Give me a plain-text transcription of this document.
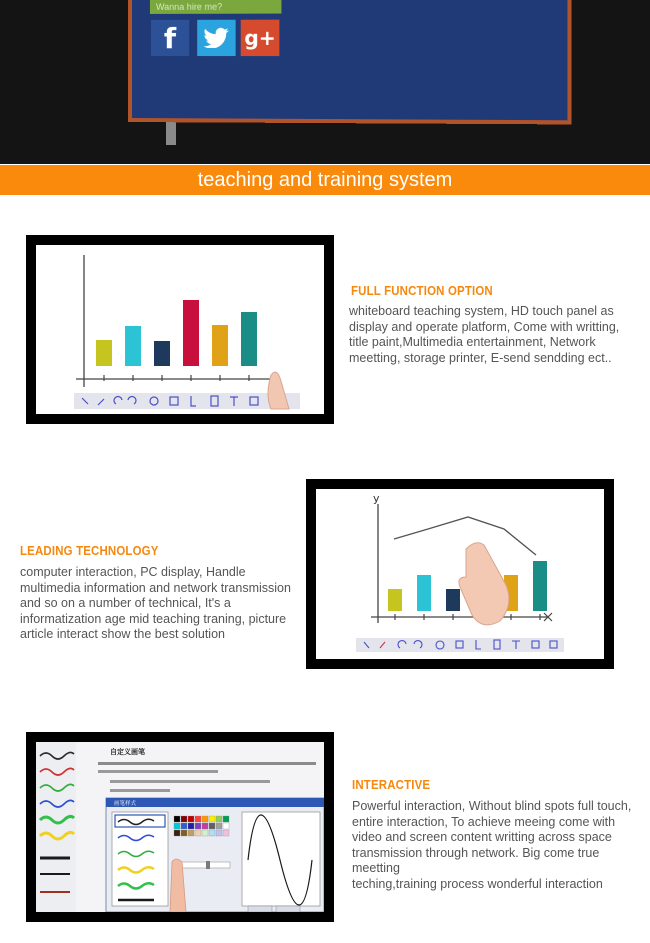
Wanna hire me?
f	g+
teaching and training system
FULL FUNCTION OPTION
whiteboard teaching system, HD touch panel as
display and operate platform, Come with writting,
title paint,Multimedia entertainment, Network
meetting, storage printer, E-send sendding ect..
LEADING TECHNOLOGY
computer interaction, PC display, Handle
multimedia information and network transmission
and so on a number of technical, It's a
informatization age mid teaching traning, picture
article interact show the best solution
y
自定义画笔
画笔样式
INTERACTIVE
Powerful interaction, Without blind spots full touch,
entire interaction, To achieve meeing come with
video and screen content writting across space
transmission through network. Big come true meetting
teching,training process wonderful interaction
